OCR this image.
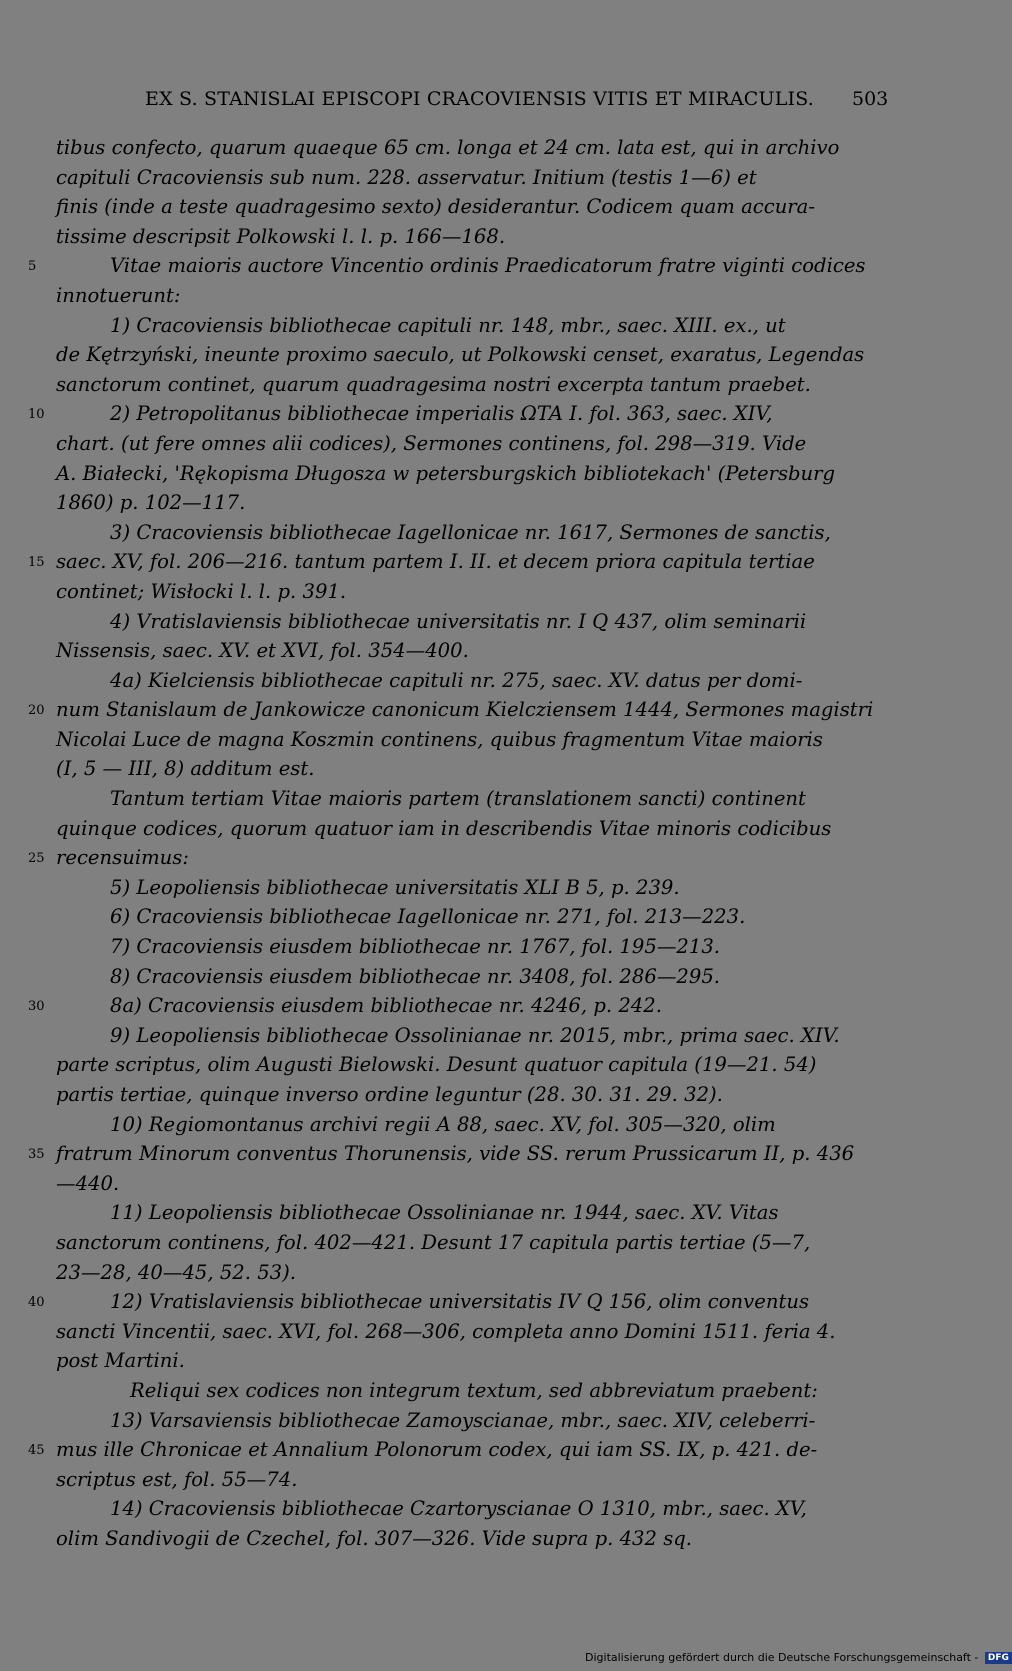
EX S. STANISLAI EPISCOPI CRACOVIENSIS VITIS ET MIRACULIS. 503
tibus confecto, quarum quaeque 65 cm. longa et 24 cm. lata est, qui in archivo
capituli Cracoviensis sub num. 228. asservatur. Initium (testis 1—6) et
finis (inde a teste quadragesimo sexto) desiderantur. Codicem quam accura-
tissime descripsit Polkowski l. l. p. 166—168.
5	Vitae maioris auctore Vincentio ordinis Praedicatorum fratre viginti codices
innotuerunt:
1) Cracoviensis bibliothecae capituli nr. 148, mbr., saec. XIII. ex., ut
de Kętrzyński, ineunte proximo saeculo, ut Polkowski censet, exaratus, Legendas
sanctorum continet, quarum quadragesima nostri excerpta tantum praebet.
10	2) Petropolitanus bibliothecae imperialis ΩTA I. fol. 363, saec. XIV,
chart. (ut fere omnes alii codices), Sermones continens, fol. 298—319. Vide
A. Białecki, 'Rękopisma Długosza w petersburgskich bibliotekach' (Petersburg
1860) p. 102—117.
3) Cracoviensis bibliothecae Iagellonicae nr. 1617, Sermones de sanctis,
15 saec. XV, fol. 206—216. tantum partem I. II. et decem priora capitula tertiae
continet; Wisłocki l. l. p. 391.
4) Vratislaviensis bibliothecae universitatis nr. I Q 437, olim seminarii
Nissensis, saec. XV. et XVI, fol. 354—400.
4a) Kielciensis bibliothecae capituli nr. 275, saec. XV. datus per domi-
20 num Stanislaum de Jankowicze canonicum Kielcziensem 1444, Sermones magistri
Nicolai Luce de magna Koszmin continens, quibus fragmentum Vitae maioris
(I, 5 — III, 8) additum est.
Tantum tertiam Vitae maioris partem (translationem sancti) continent
quinque codices, quorum quatuor iam in describendis Vitae minoris codicibus
25 recensuimus:
5) Leopoliensis bibliothecae universitatis XLI B 5, p. 239.
6) Cracoviensis bibliothecae Iagellonicae nr. 271, fol. 213—223.
7) Cracoviensis eiusdem bibliothecae nr. 1767, fol. 195—213.
8) Cracoviensis eiusdem bibliothecae nr. 3408, fol. 286—295.
30	8a) Cracoviensis eiusdem bibliothecae nr. 4246, p. 242.
9) Leopoliensis bibliothecae Ossolinianae nr. 2015, mbr., prima saec. XIV.
parte scriptus, olim Augusti Bielowski. Desunt quatuor capitula (19—21. 54)
partis tertiae, quinque inverso ordine leguntur (28. 30. 31. 29. 32).
10) Regiomontanus archivi regii A 88, saec. XV, fol. 305—320, olim
35 fratrum Minorum conventus Thorunensis, vide SS. rerum Prussicarum II, p. 436
—440.
11) Leopoliensis bibliothecae Ossolinianae nr. 1944, saec. XV. Vitas
sanctorum continens, fol. 402—421. Desunt 17 capitula partis tertiae (5—7,
23—28, 40—45, 52. 53).
40	12) Vratislaviensis bibliothecae universitatis IV Q 156, olim conventus
sancti Vincentii, saec. XVI, fol. 268—306, completa anno Domini 1511. feria 4.
post Martini.
Reliqui sex codices non integrum textum, sed abbreviatum praebent:
13) Varsaviensis bibliothecae Zamoyscianae, mbr., saec. XIV, celeberri-
45 mus ille Chronicae et Annalium Polonorum codex, qui iam SS. IX, p. 421. de-
scriptus est, fol. 55—74.
14) Cracoviensis bibliothecae Czartoryscianae O 1310, mbr., saec. XV,
olim Sandivogii de Czechel, fol. 307—326. Vide supra p. 432 sq.
Digitalisierung gefördert durch die Deutsche Forschungsgemeinschaft - DFG
